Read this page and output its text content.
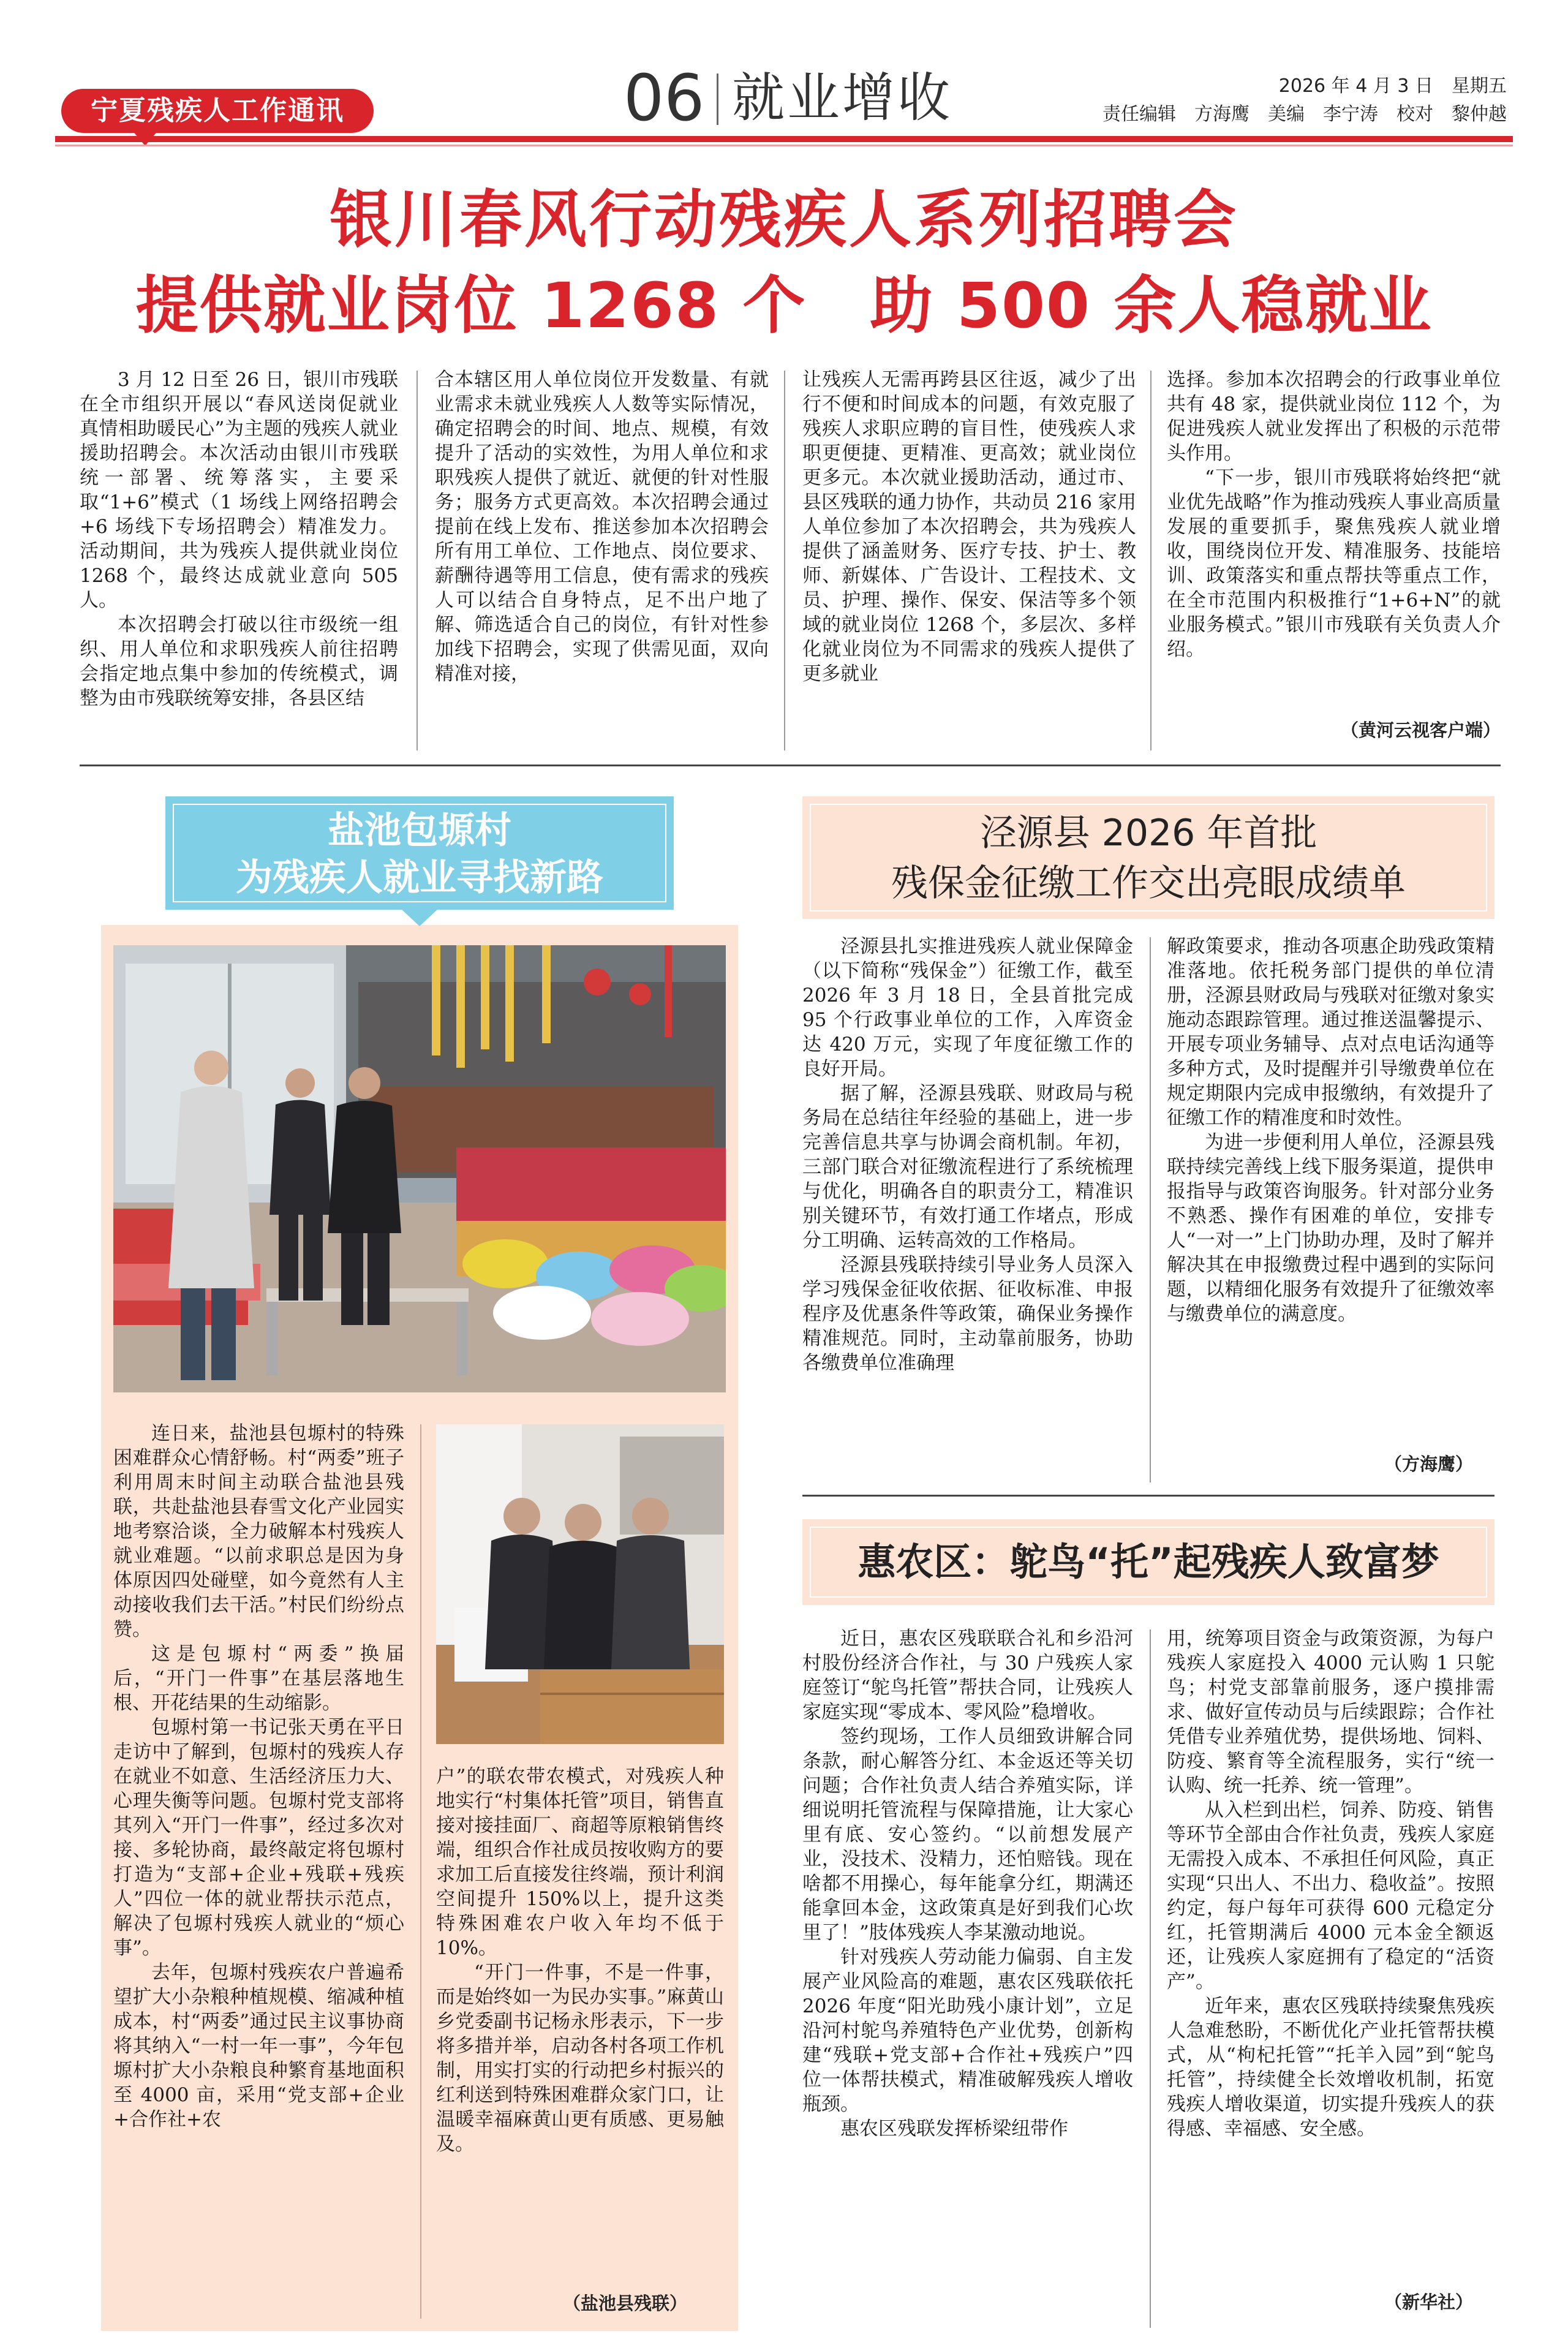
宁夏残疾人工作通讯	06 就业增收	2026 年 4 月 3 日　星期五
责任编辑　方海鹰　美编　李宁涛　校对　黎仲越
银川春风行动残疾人系列招聘会
提供就业岗位 1268 个　助 500 余人稳就业

3 月 12 日至 26 日，银川市残联在全市组织开展以“春风送岗促就业 真情相助暖民心”为主题的残疾人就业援助招聘会。本次活动由银川市残联统一部署、统筹落实，主要采取“1+6”模式（1 场线上网络招聘会+6 场线下专场招聘会）精准发力。活动期间，共为残疾人提供就业岗位 1268 个，最终达成就业意向 505 人。

本次招聘会打破以往市级统一组织、用人单位和求职残疾人前往招聘会指定地点集中参加的传统模式，调整为由市残联统筹安排，各县区结

合本辖区用人单位岗位开发数量、有就业需求未就业残疾人人数等实际情况，确定招聘会的时间、地点、规模，有效提升了活动的实效性，为用人单位和求职残疾人提供了就近、就便的针对性服务；服务方式更高效。本次招聘会通过提前在线上发布、推送参加本次招聘会所有用工单位、工作地点、岗位要求、薪酬待遇等用工信息，使有需求的残疾人可以结合自身特点，足不出户地了解、筛选适合自己的岗位，有针对性参加线下招聘会，实现了供需见面，双向精准对接，

让残疾人无需再跨县区往返，减少了出行不便和时间成本的问题，有效克服了残疾人求职应聘的盲目性，使残疾人求职更便捷、更精准、更高效；就业岗位更多元。本次就业援助活动，通过市、县区残联的通力协作，共动员 216 家用人单位参加了本次招聘会，共为残疾人提供了涵盖财务、医疗专技、护士、教师、新媒体、广告设计、工程技术、文员、护理、操作、保安、保洁等多个领域的就业岗位 1268 个，多层次、多样化就业岗位为不同需求的残疾人提供了更多就业

选择。参加本次招聘会的行政事业单位共有 48 家，提供就业岗位 112 个，为促进残疾人就业发挥出了积极的示范带头作用。

“下一步，银川市残联将始终把“就业优先战略”作为推动残疾人事业高质量发展的重要抓手，聚焦残疾人就业增收，围绕岗位开发、精准服务、技能培训、政策落实和重点帮扶等重点工作，在全市范围内积极推行“1+6+N”的就业服务模式。”银川市残联有关负责人介绍。

（黄河云视客户端）
盐池包塬村
为残疾人就业寻找新路

连日来，盐池县包塬村的特殊困难群众心情舒畅。村“两委”班子利用周末时间主动联合盐池县残联，共赴盐池县春雪文化产业园实地考察洽谈，全力破解本村残疾人就业难题。“以前求职总是因为身体原因四处碰壁，如今竟然有人主动接收我们去干活。”村民们纷纷点赞。

这是包塬村“两委”换届后，“开门一件事”在基层落地生根、开花结果的生动缩影。

包塬村第一书记张天勇在平日走访中了解到，包塬村的残疾人存在就业不如意、生活经济压力大、心理失衡等问题。包塬村党支部将其列入“开门一件事”，经过多次对接、多轮协商，最终敲定将包塬村打造为“支部+企业+残联+残疾人”四位一体的就业帮扶示范点，解决了包塬村残疾人就业的“烦心事”。

去年，包塬村残疾农户普遍希望扩大小杂粮种植规模、缩减种植成本，村“两委”通过民主议事协商将其纳入“一村一年一事”，今年包塬村扩大小杂粮良种繁育基地面积至 4000 亩，采用“党支部+企业+合作社+农

户”的联农带农模式，对残疾人种地实行“村集体托管”项目，销售直接对接挂面厂、商超等原粮销售终端，组织合作社成员按收购方的要求加工后直接发往终端，预计利润空间提升 150%以上，提升这类特殊困难农户收入年均不低于 10%。

“开门一件事，不是一件事，而是始终如一为民办实事。”麻黄山乡党委副书记杨永彤表示，下一步将多措并举，启动各村各项工作机制，用实打实的行动把乡村振兴的红利送到特殊困难群众家门口，让温暖幸福麻黄山更有质感、更易触及。

（盐池县残联）
泾源县 2026 年首批
残保金征缴工作交出亮眼成绩单

泾源县扎实推进残疾人就业保障金（以下简称“残保金”）征缴工作，截至 2026 年 3 月 18 日，全县首批完成 95 个行政事业单位的工作，入库资金达 420 万元，实现了年度征缴工作的良好开局。

据了解，泾源县残联、财政局与税务局在总结往年经验的基础上，进一步完善信息共享与协调会商机制。年初，三部门联合对征缴流程进行了系统梳理与优化，明确各自的职责分工，精准识别关键环节，有效打通工作堵点，形成分工明确、运转高效的工作格局。

泾源县残联持续引导业务人员深入学习残保金征收依据、征收标准、申报程序及优惠条件等政策，确保业务操作精准规范。同时，主动靠前服务，协助各缴费单位准确理

解政策要求，推动各项惠企助残政策精准落地。依托税务部门提供的单位清册，泾源县财政局与残联对征缴对象实施动态跟踪管理。通过推送温馨提示、开展专项业务辅导、点对点电话沟通等多种方式，及时提醒并引导缴费单位在规定期限内完成申报缴纳，有效提升了征缴工作的精准度和时效性。

为进一步便利用人单位，泾源县残联持续完善线上线下服务渠道，提供申报指导与政策咨询服务。针对部分业务不熟悉、操作有困难的单位，安排专人“一对一”上门协助办理，及时了解并解决其在申报缴费过程中遇到的实际问题，以精细化服务有效提升了征缴效率与缴费单位的满意度。

（方海鹰）
惠农区：鸵鸟“托”起残疾人致富梦

近日，惠农区残联联合礼和乡沿河村股份经济合作社，与 30 户残疾人家庭签订“鸵鸟托管”帮扶合同，让残疾人家庭实现“零成本、零风险”稳增收。

签约现场，工作人员细致讲解合同条款，耐心解答分红、本金返还等关切问题；合作社负责人结合养殖实际，详细说明托管流程与保障措施，让大家心里有底、安心签约。“以前想发展产业，没技术、没精力，还怕赔钱。现在啥都不用操心，每年能拿分红，期满还能拿回本金，这政策真是好到我们心坎里了！”肢体残疾人李某激动地说。

针对残疾人劳动能力偏弱、自主发展产业风险高的难题，惠农区残联依托 2026 年度“阳光助残小康计划”，立足沿河村鸵鸟养殖特色产业优势，创新构建“残联+党支部+合作社+残疾户”四位一体帮扶模式，精准破解残疾人增收瓶颈。

惠农区残联发挥桥梁纽带作

用，统筹项目资金与政策资源，为每户残疾人家庭投入 4000 元认购 1 只鸵鸟；村党支部靠前服务，逐户摸排需求、做好宣传动员与后续跟踪；合作社凭借专业养殖优势，提供场地、饲料、防疫、繁育等全流程服务，实行“统一认购、统一托养、统一管理”。

从入栏到出栏，饲养、防疫、销售等环节全部由合作社负责，残疾人家庭无需投入成本、不承担任何风险，真正实现“只出人、不出力、稳收益”。按照约定，每户每年可获得 600 元稳定分红，托管期满后 4000 元本金全额返还，让残疾人家庭拥有了稳定的“活资产”。

近年来，惠农区残联持续聚焦残疾人急难愁盼，不断优化产业托管帮扶模式，从“枸杞托管”“托羊入园”到“鸵鸟托管”，持续健全长效增收机制，拓宽残疾人增收渠道，切实提升残疾人的获得感、幸福感、安全感。

（新华社）
